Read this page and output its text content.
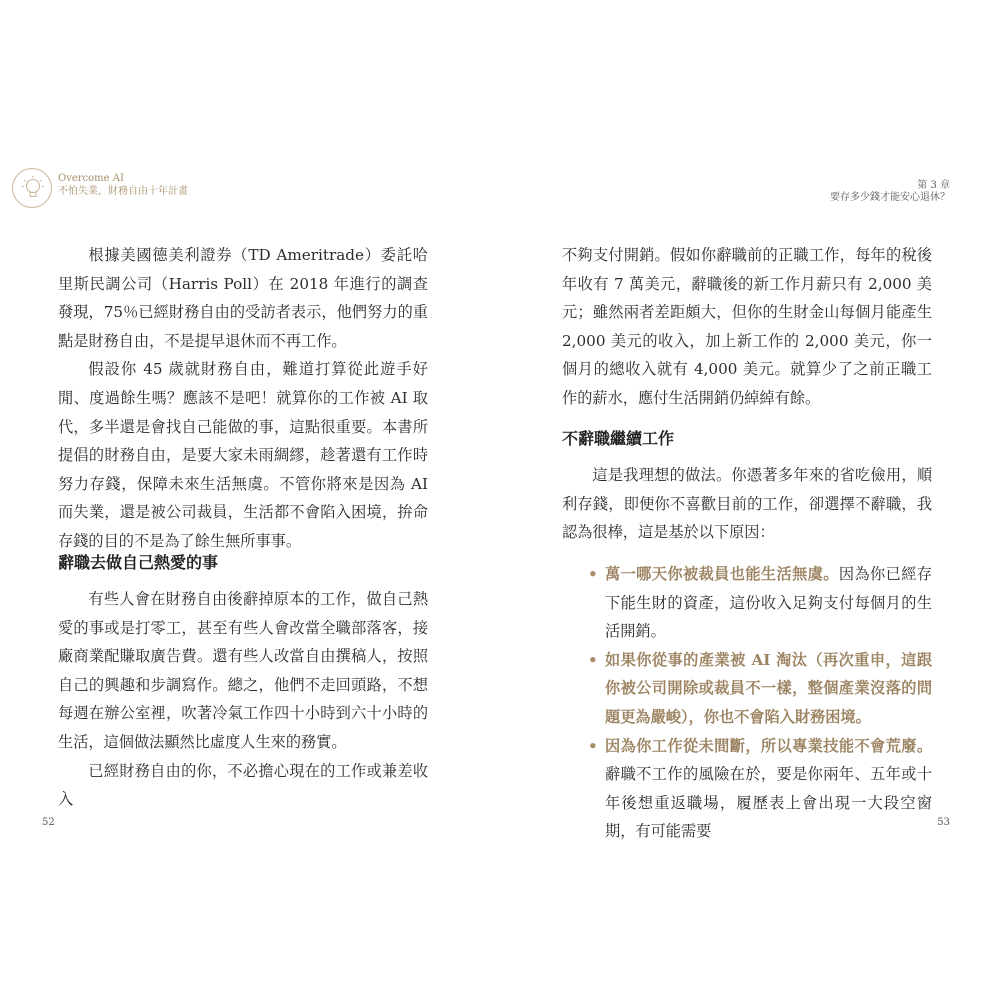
Overcome AI
不怕失業，財務自由十年計畫

根據美國德美利證券（TD Ameritrade）委託哈里斯民調公司（Harris Poll）在 2018 年進行的調查發現，75％已經財務自由的受訪者表示，他們努力的重點是財務自由，不是提早退休而不再工作。

假設你 45 歲就財務自由，難道打算從此遊手好閒、度過餘生嗎？應該不是吧！就算你的工作被 AI 取代，多半還是會找自己能做的事，這點很重要。本書所提倡的財務自由，是要大家未雨綢繆，趁著還有工作時努力存錢，保障未來生活無虞。不管你將來是因為 AI 而失業，還是被公司裁員，生活都不會陷入困境，拚命存錢的目的不是為了餘生無所事事。

辭職去做自己熱愛的事

有些人會在財務自由後辭掉原本的工作，做自己熱愛的事或是打零工，甚至有些人會改當全職部落客，接廠商業配賺取廣告費。還有些人改當自由撰稿人，按照自己的興趣和步調寫作。總之，他們不走回頭路，不想每週在辦公室裡，吹著冷氣工作四十小時到六十小時的生活，這個做法顯然比虛度人生來的務實。

已經財務自由的你，不必擔心現在的工作或兼差收入

52
第 3 章
要存多少錢才能安心退休？

不夠支付開銷。假如你辭職前的正職工作，每年的稅後年收有 7 萬美元，辭職後的新工作月薪只有 2,000 美元；雖然兩者差距頗大，但你的生財金山每個月能產生 2,000 美元的收入，加上新工作的 2,000 美元，你一個月的總收入就有 4,000 美元。就算少了之前正職工作的薪水，應付生活開銷仍綽綽有餘。

不辭職繼續工作

這是我理想的做法。你憑著多年來的省吃儉用，順利存錢，即便你不喜歡目前的工作，卻選擇不辭職，我認為很棒，這是基於以下原因：

• 萬一哪天你被裁員也能生活無虞。因為你已經存下能生財的資產，這份收入足夠支付每個月的生活開銷。

• 如果你從事的產業被 AI 淘汰（再次重申，這跟你被公司開除或裁員不一樣，整個產業沒落的問題更為嚴峻），你也不會陷入財務困境。

• 因為你工作從未間斷，所以專業技能不會荒廢。辭職不工作的風險在於，要是你兩年、五年或十年後想重返職場，履歷表上會出現一大段空窗期，有可能需要	53
